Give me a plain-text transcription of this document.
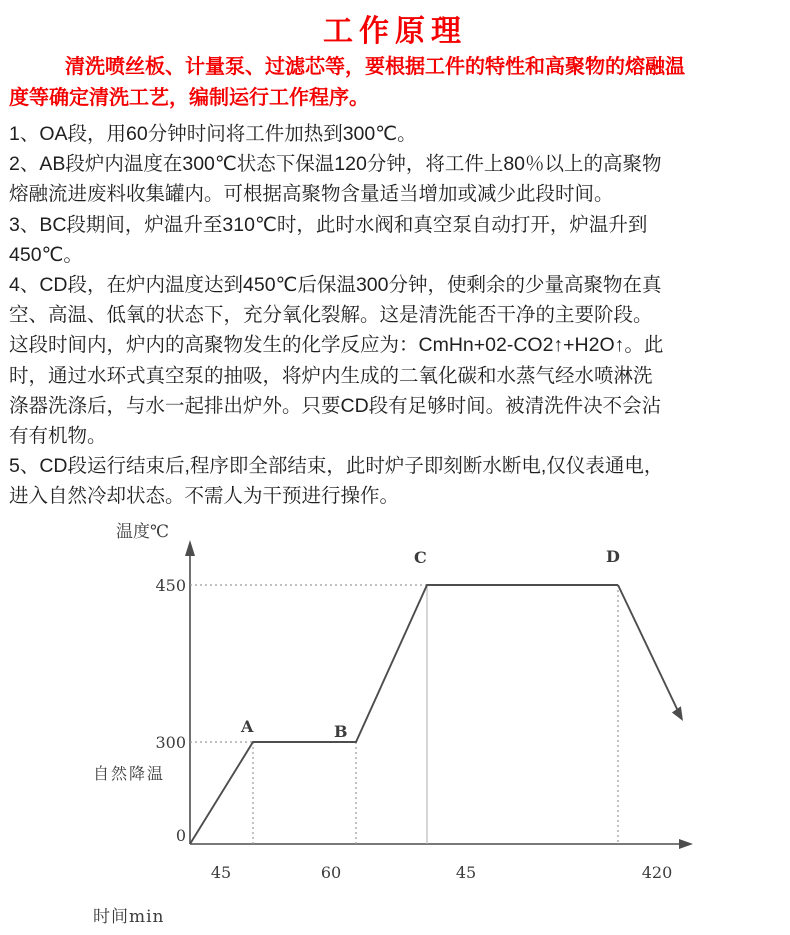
工作原理
清洗喷丝板、计量泵、过滤芯等，要根据工件的特性和高聚物的熔融温
度等确定清洗工艺，编制运行工作程序。
1、OA段，用60分钟时问将工件加热到300℃。
2、AB段炉内温度在300℃状态下保温120分钟，将工件上80％以上的高聚物
熔融流进废料收集罐内。可根据高聚物含量适当增加或减少此段时间。
3、BC段期间，炉温升至310℃时，此时水阀和真空泵自动打开，炉温升到
450℃。
4、CD段，在炉内温度达到450℃后保温300分钟，使剩余的少量高聚物在真
空、高温、低氧的状态下，充分氧化裂解。这是清洗能否干净的主要阶段。
这段时间内，炉内的高聚物发生的化学反应为：CmHn+02-CO2↑+H2O↑。此
时，通过水环式真空泵的抽吸，将炉内生成的二氧化碳和水蒸气经水喷淋洗
涤器洗涤后，与水一起排出炉外。只要CD段有足够时间。被清洗件决不会沾
有有机物。
5、CD段运行结束后,程序即全部结束，此时炉子即刻断水断电,仅仪表通电，
进入自然冷却状态。不需人为干预进行操作。
温度℃
450
300
0
自然降温
A	B
C	D
45	60	45	420
时间min
